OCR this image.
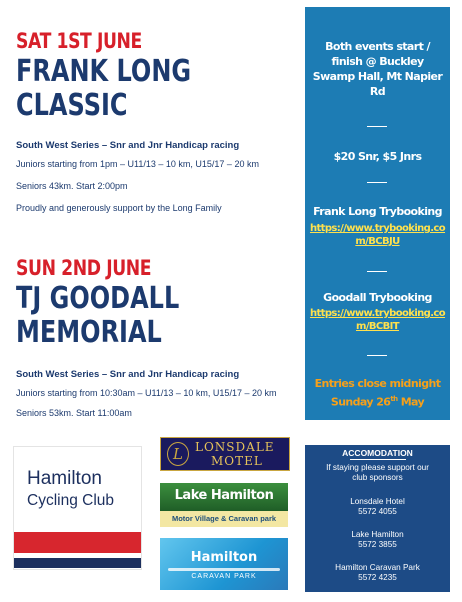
SAT 1ST JUNE
FRANK LONG
CLASSIC
South West Series – Snr and Jnr Handicap racing
Juniors starting from 1pm – U11/13 – 10 km, U15/17 – 20 km
Seniors 43km. Start 2:00pm
Proudly and generously support by the Long Family
SUN 2ND JUNE
TJ GOODALL
MEMORIAL
South West Series – Snr and Jnr Handicap racing
Juniors starting from 10:30am – U11/13 – 10 km, U15/17 – 20 km
Seniors 53km. Start 11:00am
Both events start /
finish @ Buckley
Swamp Hall, Mt Napier
Rd
$20 Snr, $5 Jnrs
Frank Long Trybooking
https://www.trybooking.co
m/BCBJU
Goodall Trybooking
https://www.trybooking.co
m/BCBIT
Entries close midnight
Sunday 26th May
ACCOMODATION
If staying please support our
club sponsors
Lonsdale Hotel
5572 4055
Lake Hamilton
5572 3855
Hamilton Caravan Park
5572 4235
Hamilton
Cycling Club
L	LONSDALE
MOTEL
Lake Hamilton
Motor Village & Caravan park
Hamilton
CARAVAN PARK
